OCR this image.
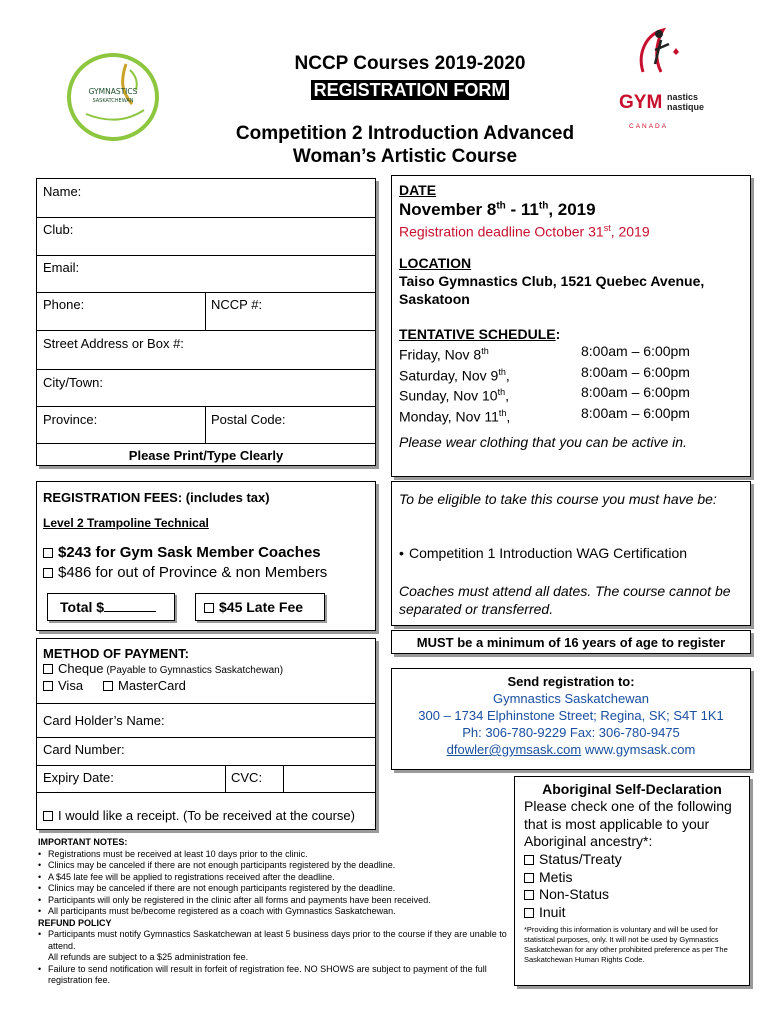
GYMNASTICS
SASKATCHEWAN
NCCP Courses 2019-2020
REGISTRATION FORM
Competition 2 Introduction Advanced
Woman’s Artistic Course
GYM nastics
nastique
CANADA
Name:
Club:
Email:
Phone:	NCCP #:
Street Address or Box #:
City/Town:
Province:	Postal Code:
Please Print/Type Clearly
DATE
November 8th - 11th, 2019
Registration deadline October 31st, 2019
LOCATION
Taiso Gymnastics Club, 1521 Quebec Avenue, Saskatoon
TENTATIVE SCHEDULE:
Friday, Nov 8th	8:00am – 6:00pm
Saturday, Nov 9th,	8:00am – 6:00pm
Sunday, Nov 10th,	8:00am – 6:00pm
Monday, Nov 11th,	8:00am – 6:00pm
Please wear clothing that you can be active in.
REGISTRATION FEES: (includes tax)
Level 2 Trampoline Technical
$243 for Gym Sask Member Coaches
$486 for out of Province & non Members
Total $	$45 Late Fee
METHOD OF PAYMENT:
Cheque (Payable to Gymnastics Saskatchewan)
Visa	MasterCard
Card Holder’s Name:
Card Number:
Expiry Date:	CVC:
I would like a receipt. (To be received at the course)
To be eligible to take this course you must have be:
• Competition 1 Introduction WAG Certification
Coaches must attend all dates. The course cannot be separated or transferred.
MUST be a minimum of 16 years of age to register
Send registration to:
Gymnastics Saskatchewan
300 – 1734 Elphinstone Street; Regina, SK; S4T 1K1
Ph: 306-780-9229 Fax: 306-780-9475
dfowler@gymsask.com www.gymsask.com
Aboriginal Self-Declaration
Please check one of the following that is most applicable to your Aboriginal ancestry*:
Status/Treaty
Metis
Non-Status
Inuit
*Providing this information is voluntary and will be used for statistical purposes, only. It will not be used by Gymnastics Saskatchewan for any other prohibited preference as per The Saskatchewan Human Rights Code.
IMPORTANT NOTES:
• Registrations must be received at least 10 days prior to the clinic.
• Clinics may be canceled if there are not enough participants registered by the deadline.
• A $45 late fee will be applied to registrations received after the deadline.
• Clinics may be canceled if there are not enough participants registered by the deadline.
• Participants will only be registered in the clinic after all forms and payments have been received.
• All participants must be/become registered as a coach with Gymnastics Saskatchewan.
REFUND POLICY
• Participants must notify Gymnastics Saskatchewan at least 5 business days prior to the course if they are unable to attend.
All refunds are subject to a $25 administration fee.
• Failure to send notification will result in forfeit of registration fee. NO SHOWS are subject to payment of the full registration fee.
